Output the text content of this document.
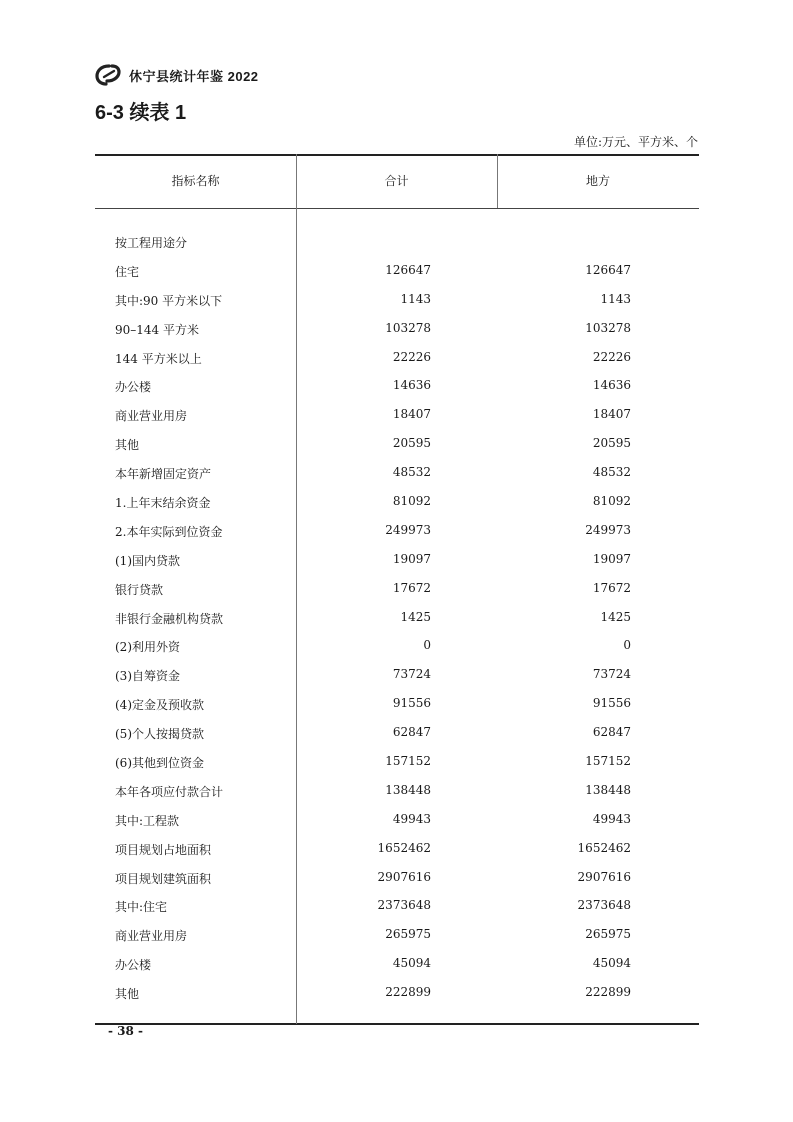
休宁县统计年鉴 2022
6-3 续表 1
单位:万元、平方米、个
指标名称	合计	地方
按工程用途分
住宅	126647	126647
其中:90 平方米以下	1143	1143
90–144 平方米	103278	103278
144 平方米以上	22226	22226
办公楼	14636	14636
商业营业用房	18407	18407
其他	20595	20595
本年新增固定资产	48532	48532
1.上年末结余资金	81092	81092
2.本年实际到位资金	249973	249973
(1)国内贷款	19097	19097
银行贷款	17672	17672
非银行金融机构贷款	1425	1425
(2)利用外资	0	0
(3)自筹资金	73724	73724
(4)定金及预收款	91556	91556
(5)个人按揭贷款	62847	62847
(6)其他到位资金	157152	157152
本年各项应付款合计	138448	138448
其中:工程款	49943	49943
项目规划占地面积	1652462	1652462
项目规划建筑面积	2907616	2907616
其中:住宅	2373648	2373648
商业营业用房	265975	265975
办公楼	45094	45094
其他	222899	222899
- 38 -
